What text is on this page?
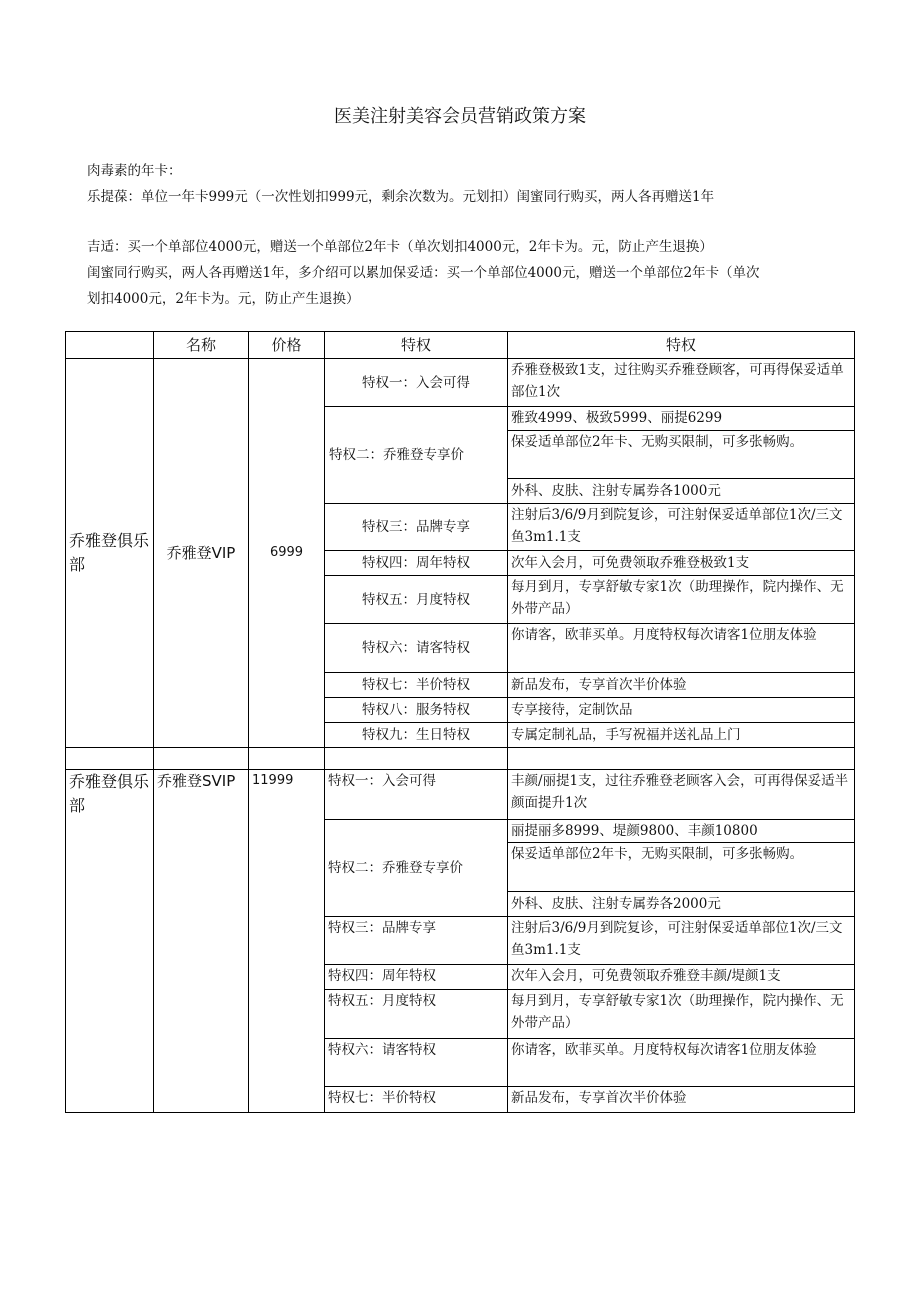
医美注射美容会员营销政策方案
肉毒素的年卡：
乐提葆：单位一年卡999元（一次性划扣999元，剩余次数为。元划扣）闺蜜同行购买，两人各再赠送1年
吉适：买一个单部位4000元，赠送一个单部位2年卡（单次划扣4000元，2年卡为。元，防止产生退换）
闺蜜同行购买，两人各再赠送1年，多介绍可以累加保妥适：买一个单部位4000元，赠送一个单部位2年卡（单次
划扣4000元，2年卡为。元，防止产生退换）
	名称	价格	特权	特权
乔雅登俱乐部	乔雅登VIP	6999	特权一：入会可得	乔雅登极致1支，过往购买乔雅登顾客，可再得保妥适单部位1次
			特权二：乔雅登专享价	雅致4999、极致5999、丽提6299
				保妥适单部位2年卡、无购买限制，可多张畅购。
				外科、皮肤、注射专属券各1000元
			特权三：品牌专享	注射后3/6/9月到院复诊，可注射保妥适单部位1次/三文鱼3m1.1支
			特权四：周年特权	次年入会月，可免费领取乔雅登极致1支
			特权五：月度特权	每月到月，专享舒敏专家1次（助理操作，院内操作、无外带产品）
			特权六：请客特权	你请客，欧菲买单。月度特权每次请客1位朋友体验
			特权七：半价特权	新品发布，专享首次半价体验
			特权八：服务特权	专享接待，定制饮品
			特权九：生日特权	专属定制礼品，手写祝福并送礼品上门

乔雅登俱乐部	乔雅登SVIP	11999	特权一：入会可得	丰颜/丽提1支，过往乔雅登老顾客入会，可再得保妥适半颜面提升1次
			特权二：乔雅登专享价	丽提丽多8999、堤颜9800、丰颜10800
				保妥适单部位2年卡，无购买限制，可多张畅购。
				外科、皮肤、注射专属券各2000元
			特权三：品牌专享	注射后3/6/9月到院复诊，可注射保妥适单部位1次/三文鱼3m1.1支
			特权四：周年特权	次年入会月，可免费领取乔雅登丰颜/堤颜1支
			特权五：月度特权	每月到月，专享舒敏专家1次（助理操作，院内操作、无外带产品）
			特权六：请客特权	你请客，欧菲买单。月度特权每次请客1位朋友体验
			特权七：半价特权	新品发布，专享首次半价体验
